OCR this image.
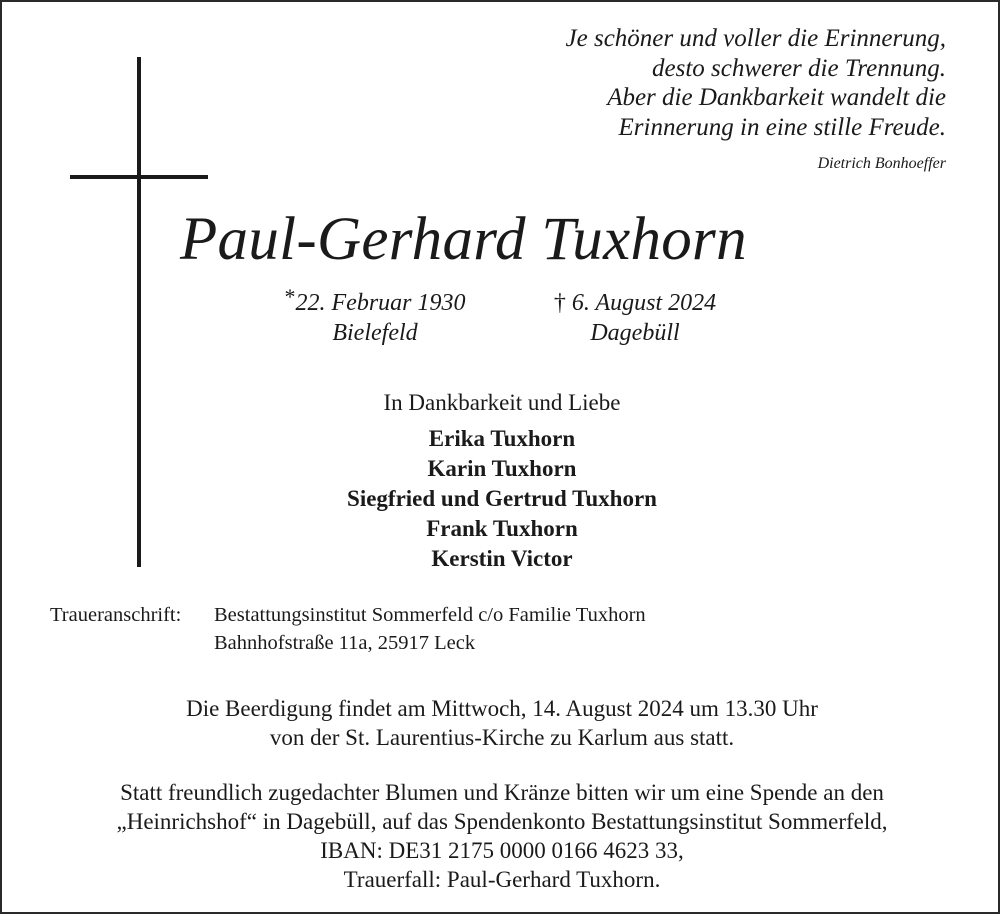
Je schöner und voller die Erinnerung,
desto schwerer die Trennung.
Aber die Dankbarkeit wandelt die
Erinnerung in eine stille Freude.
Dietrich Bonhoeffer
Paul-Gerhard Tuxhorn
*22. Februar 1930
Bielefeld
† 6. August 2024
Dagebüll
In Dankbarkeit und Liebe
Erika Tuxhorn
Karin Tuxhorn
Siegfried und Gertrud Tuxhorn
Frank Tuxhorn
Kerstin Victor
Traueranschrift: Bestattungsinstitut Sommerfeld c/o Familie Tuxhorn
Bahnhofstraße 11a, 25917 Leck
Die Beerdigung findet am Mittwoch, 14. August 2024 um 13.30 Uhr
von der St. Laurentius-Kirche zu Karlum aus statt.
Statt freundlich zugedachter Blumen und Kränze bitten wir um eine Spende an den
„Heinrichshof“ in Dagebüll, auf das Spendenkonto Bestattungsinstitut Sommerfeld,
IBAN: DE31 2175 0000 0166 4623 33,
Trauerfall: Paul-Gerhard Tuxhorn.
